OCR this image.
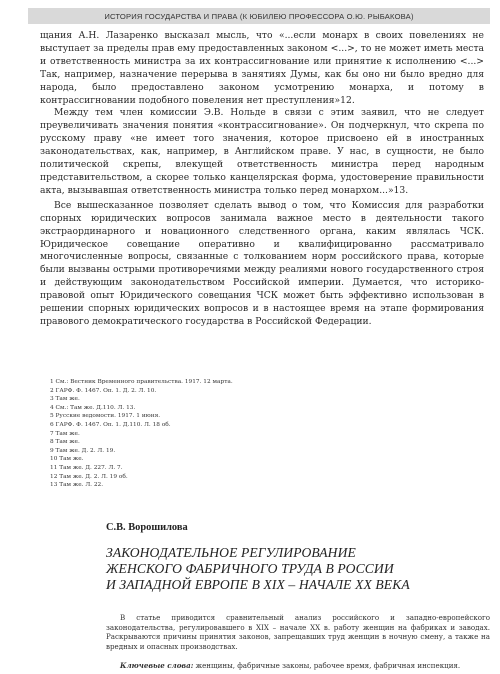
ИСТОРИЯ ГОСУДАРСТВА И ПРАВА (К ЮБИЛЕЮ ПРОФЕССОРА О.Ю. РЫБАКОВА)

щания А.Н. Лазаренко высказал мысль, что «...если монарх в своих повелениях не выступает за пределы прав ему предоставленных законом <...>, то не может иметь места и ответственность министра за их контрассигнование или принятие к исполнению <...> Так, например, назначение перерыва в занятиях Думы, как бы оно ни было вредно для народа, было предоставлено законом усмотрению монарха, и потому в контрассигновании подобного повеления нет преступления»12.

Между тем член комиссии Э.В. Нольде в связи с этим заявил, что не следует преувеличивать значения понятия «контрассигнование». Он подчеркнул, что скрепа по русскому праву «не имеет того значения, которое присвоено ей в иностранных законодательствах, как, например, в Английском праве. У нас, в сущности, не было политической скрепы, влекущей ответственность министра перед народным представительством, а скорее только канцелярская форма, удостоверение правильности акта, вызывавшая ответственность министра только перед монархом...»13.

Все вышесказанное позволяет сделать вывод о том, что Комиссия для разработки спорных юридических вопросов занимала важное место в деятельности такого экстраординарного и новационного следственного органа, каким являлась ЧСК. Юридическое совещание оперативно и квалифицированно рассматривало многочисленные вопросы, связанные с толкованием норм российского права, которые были вызваны острыми противоречиями между реалиями нового государственного строя и действующим законодательством Российской империи. Думается, что историко-правовой опыт Юридического совещания ЧСК может быть эффективно использован в решении спорных юридических вопросов и в настоящее время на этапе формирования правового демократического государства в Российской Федерации.

1 См.: Вестник Временного правительства. 1917. 12 марта.
2 ГАРФ. Ф. 1467. Оп. 1. Д. 2. Л. 10.
3 Там же.
4 См.: Там же. Д.110. Л. 13.
5 Русские ведомости. 1917. 1 июня.
6 ГАРФ. Ф. 1467. Оп. 1. Д.110. Л. 18 об.
7 Там же.
8 Там же.
9 Там же. Д. 2. Л. 19.
10 Там же.
11 Там же. Д. 227. Л. 7.
12 Там же. Д. 2. Л. 19 об.
13 Там же. Л. 22.
С.В. Ворошилова
ЗАКОНОДАТЕЛЬНОЕ РЕГУЛИРОВАНИЕ
ЖЕНСКОГО ФАБРИЧНОГО ТРУДА В РОССИИ
И ЗАПАДНОЙ ЕВРОПЕ В XIX – НАЧАЛЕ XX ВЕКА
В статье приводится сравнительный анализ российского и западно-европейского законодательства, регулировавшего в XIX – начале XX в. работу женщин на фабриках и заводах. Раскрываются причины принятия законов, запрещавших труд женщин в ночную смену, а также на вредных и опасных производствах.
Ключевые слова: женщины, фабричные законы, рабочее время, фабричная инспекция.
